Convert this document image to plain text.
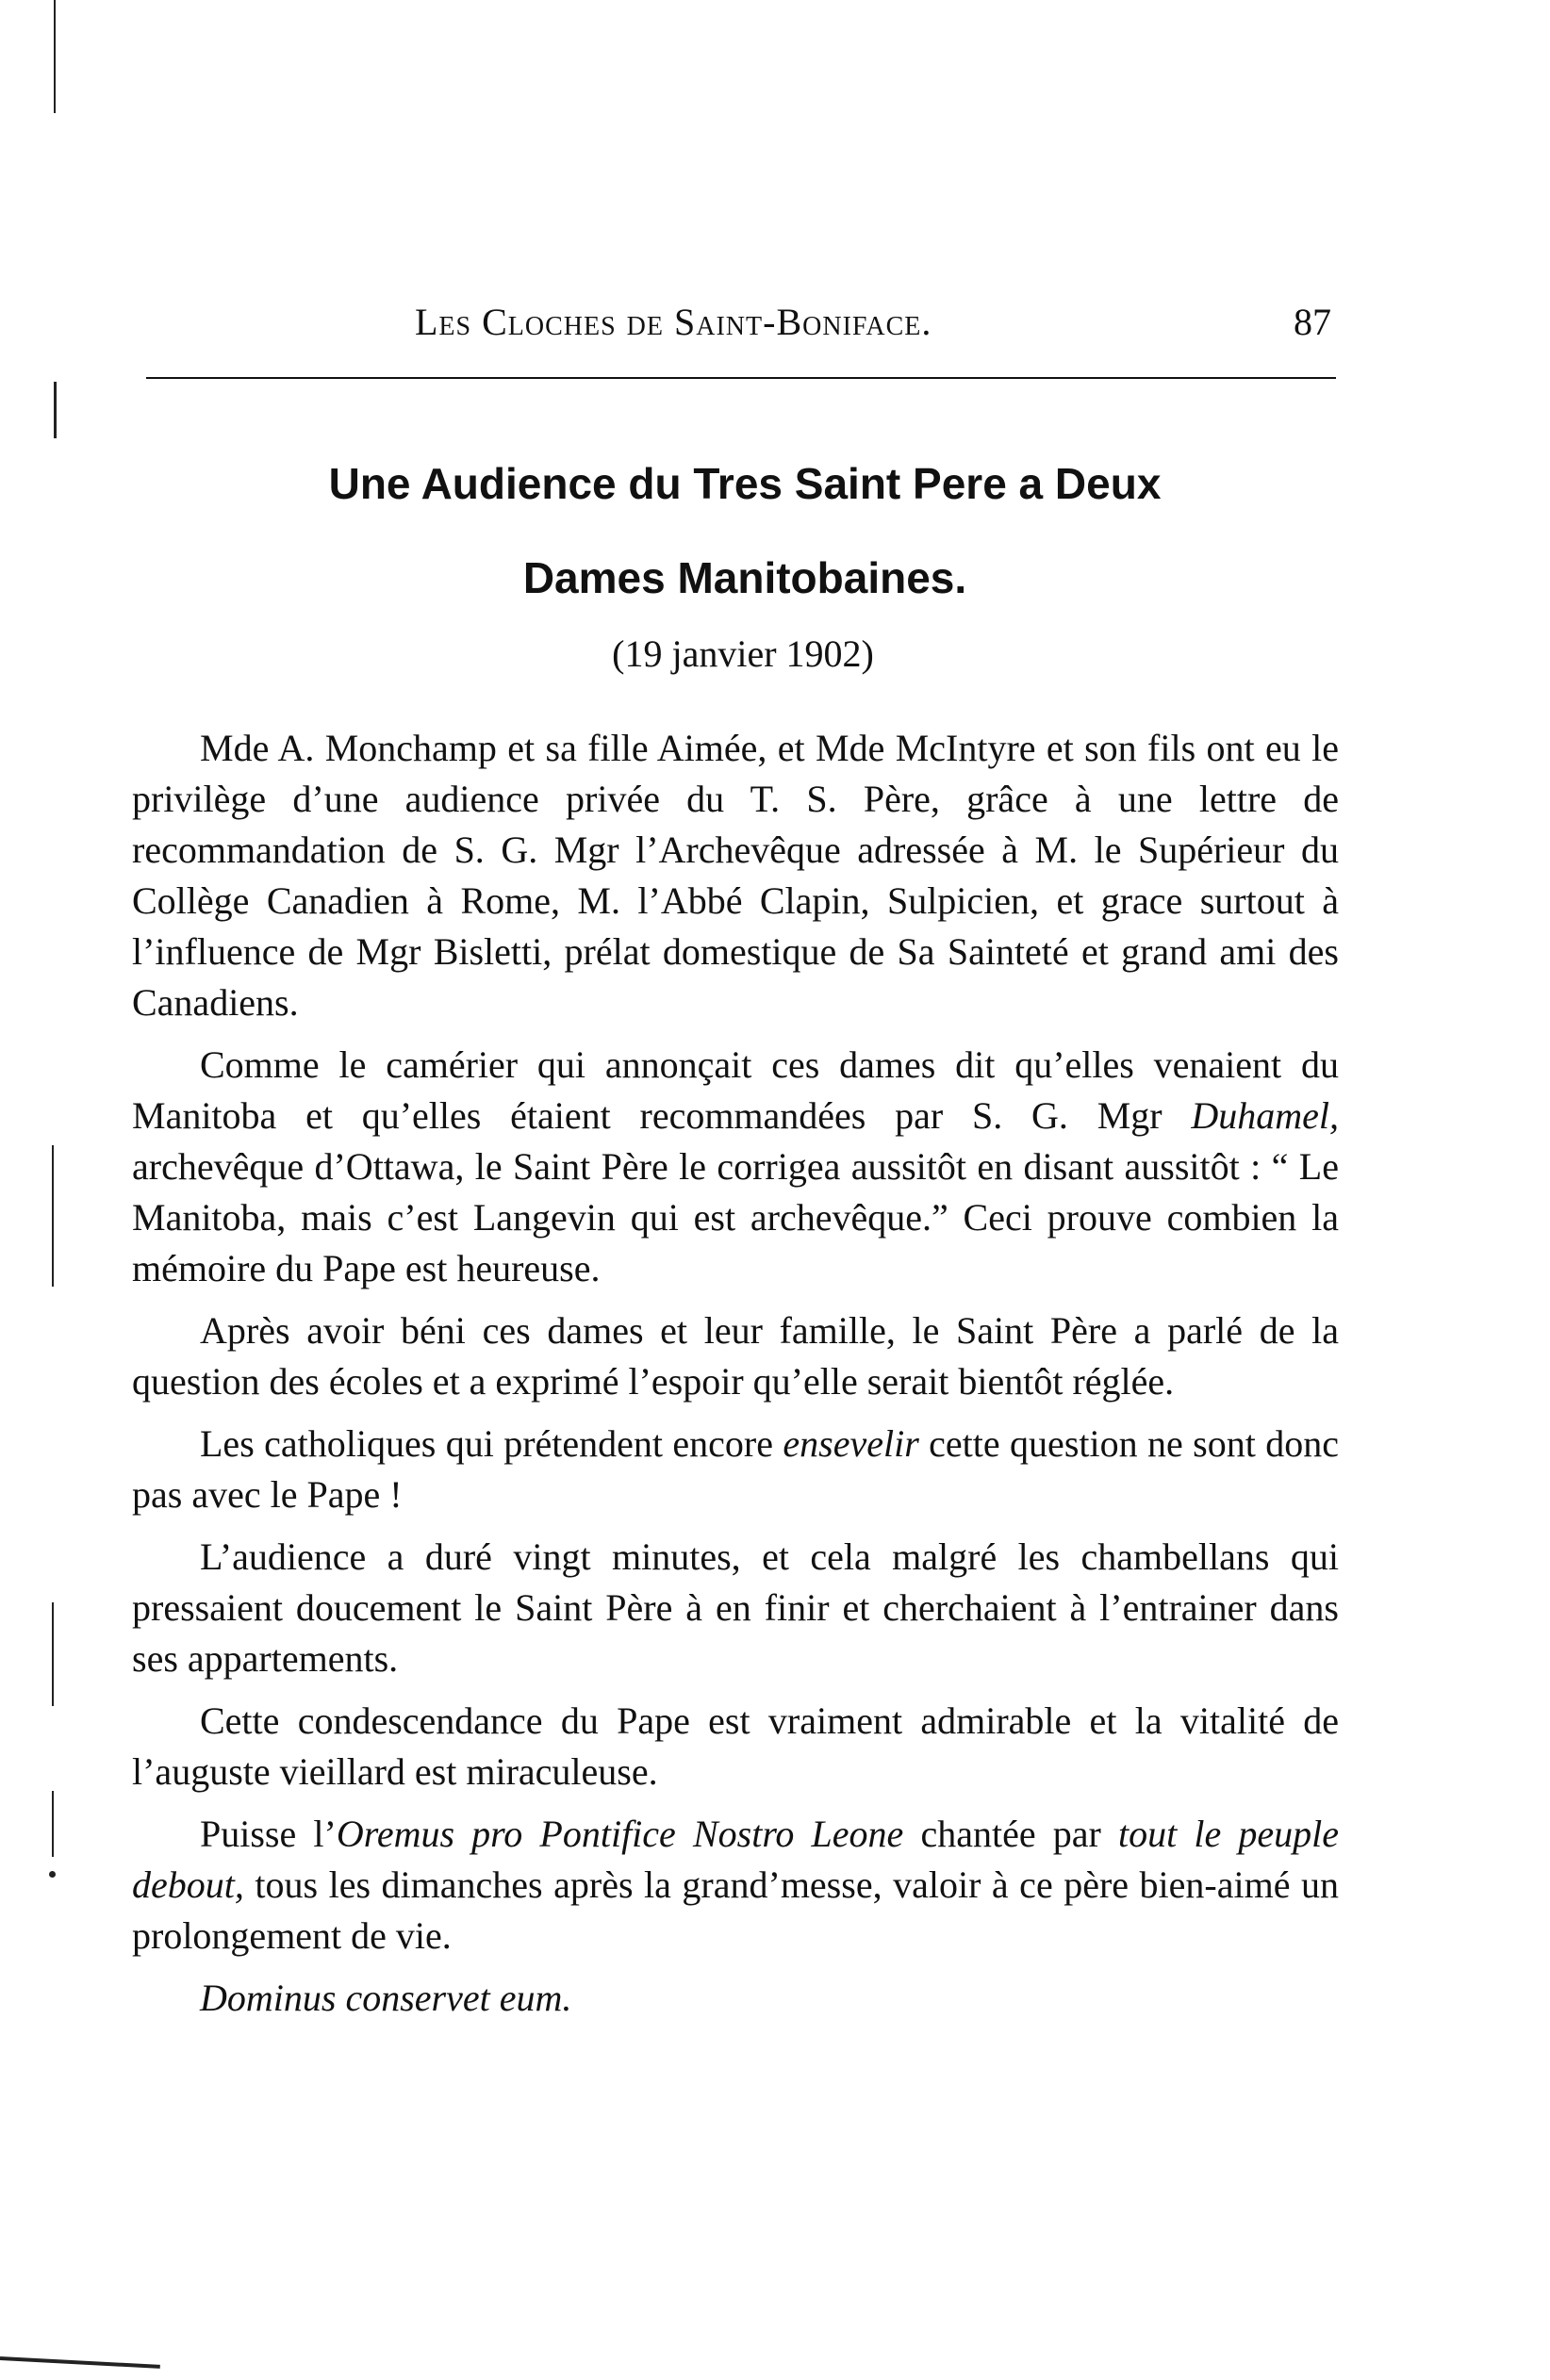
Les Cloches de Saint-Boniface.	87
Une Audience du Tres Saint Pere a Deux
Dames Manitobaines.
(19 janvier 1902)

Mde A. Monchamp et sa fille Aimée, et Mde McIntyre et son fils ont eu le privilège d’une audience privée du T. S. Père, grâce à une lettre de recommandation de S. G. Mgr l’Archevêque adressée à M. le Supérieur du Collège Canadien à Rome, M. l’Abbé Clapin, Sulpicien, et grace surtout à l’influence de Mgr Bisletti, prélat domestique de Sa Sainteté et grand ami des Canadiens.

Comme le camérier qui annonçait ces dames dit qu’elles venaient du Manitoba et qu’elles étaient recommandées par S. G. Mgr Duhamel, archevêque d’Ottawa, le Saint Père le corrigea aussitôt en disant aussitôt : “ Le Manitoba, mais c’est Langevin qui est archevêque.” Ceci prouve combien la mémoire du Pape est heureuse.

Après avoir béni ces dames et leur famille, le Saint Père a parlé de la question des écoles et a exprimé l’espoir qu’elle serait bientôt réglée.

Les catholiques qui prétendent encore ensevelir cette question ne sont donc pas avec le Pape !

L’audience a duré vingt minutes, et cela malgré les chambellans qui pressaient doucement le Saint Père à en finir et cherchaient à l’entrainer dans ses appartements.

Cette condescendance du Pape est vraiment admirable et la vitalité de l’auguste vieillard est miraculeuse.

Puisse l’Oremus pro Pontifice Nostro Leone chantée par tout le peuple debout, tous les dimanches après la grand’messe, valoir à ce père bien-aimé un prolongement de vie.

Dominus conservet eum.
